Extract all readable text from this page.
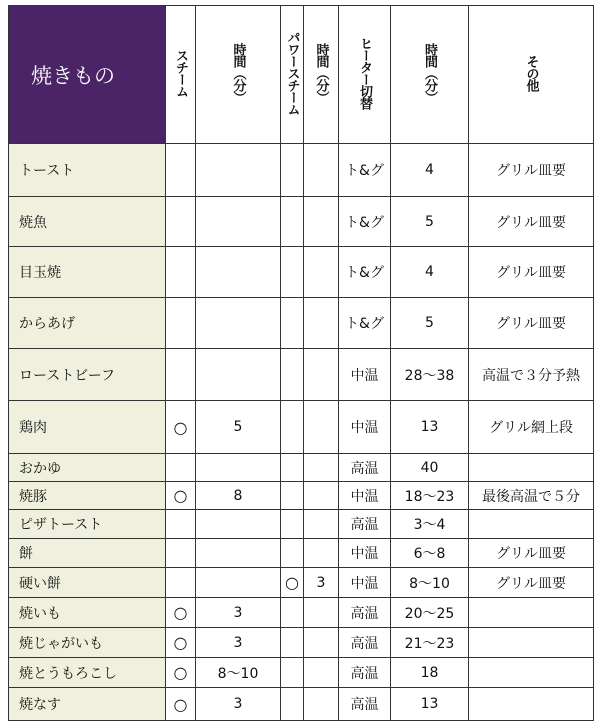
焼きもの	スチーム	時間（分）	パワースチーム	時間（分）	ヒーター切替	時間（分）	その他
トースト					ト&グ	4	グリル皿要
焼魚					ト&グ	5	グリル皿要
目玉焼					ト&グ	4	グリル皿要
からあげ					ト&グ	5	グリル皿要
ローストビーフ					中温	28～38	高温で３分予熱
鶏肉	○	5			中温	13	グリル網上段
おかゆ					高温	40	
焼豚	○	8			中温	18～23	最後高温で５分
ピザトースト					高温	3～4	
餅					中温	6～8	グリル皿要
硬い餅			○	3	中温	8～10	グリル皿要
焼いも	○	3			高温	20～25	
焼じゃがいも	○	3			高温	21～23	
焼とうもろこし	○	8～10			高温	18	
焼なす	○	3			高温	13	
